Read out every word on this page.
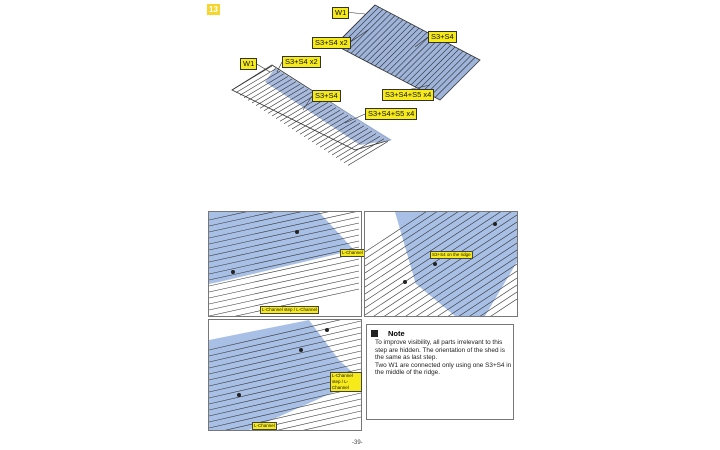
13	W1
S3+S4 x2
S3+S4
W1	S3+S4 x2
S3+S4	S3+S4+S5 x4
S3+S4+S5 x4
L-Channel
L-Channel step / L-Channel
S3+S4 on the ridge
L-Channel step / L-Channel
L-Channel
Note
To improve visibility, all parts irrelevant to this step are hidden. The orientation of the shed is the same as last step.
Two W1 are connected only using one S3+S4 in the middle of the ridge.
-39-
